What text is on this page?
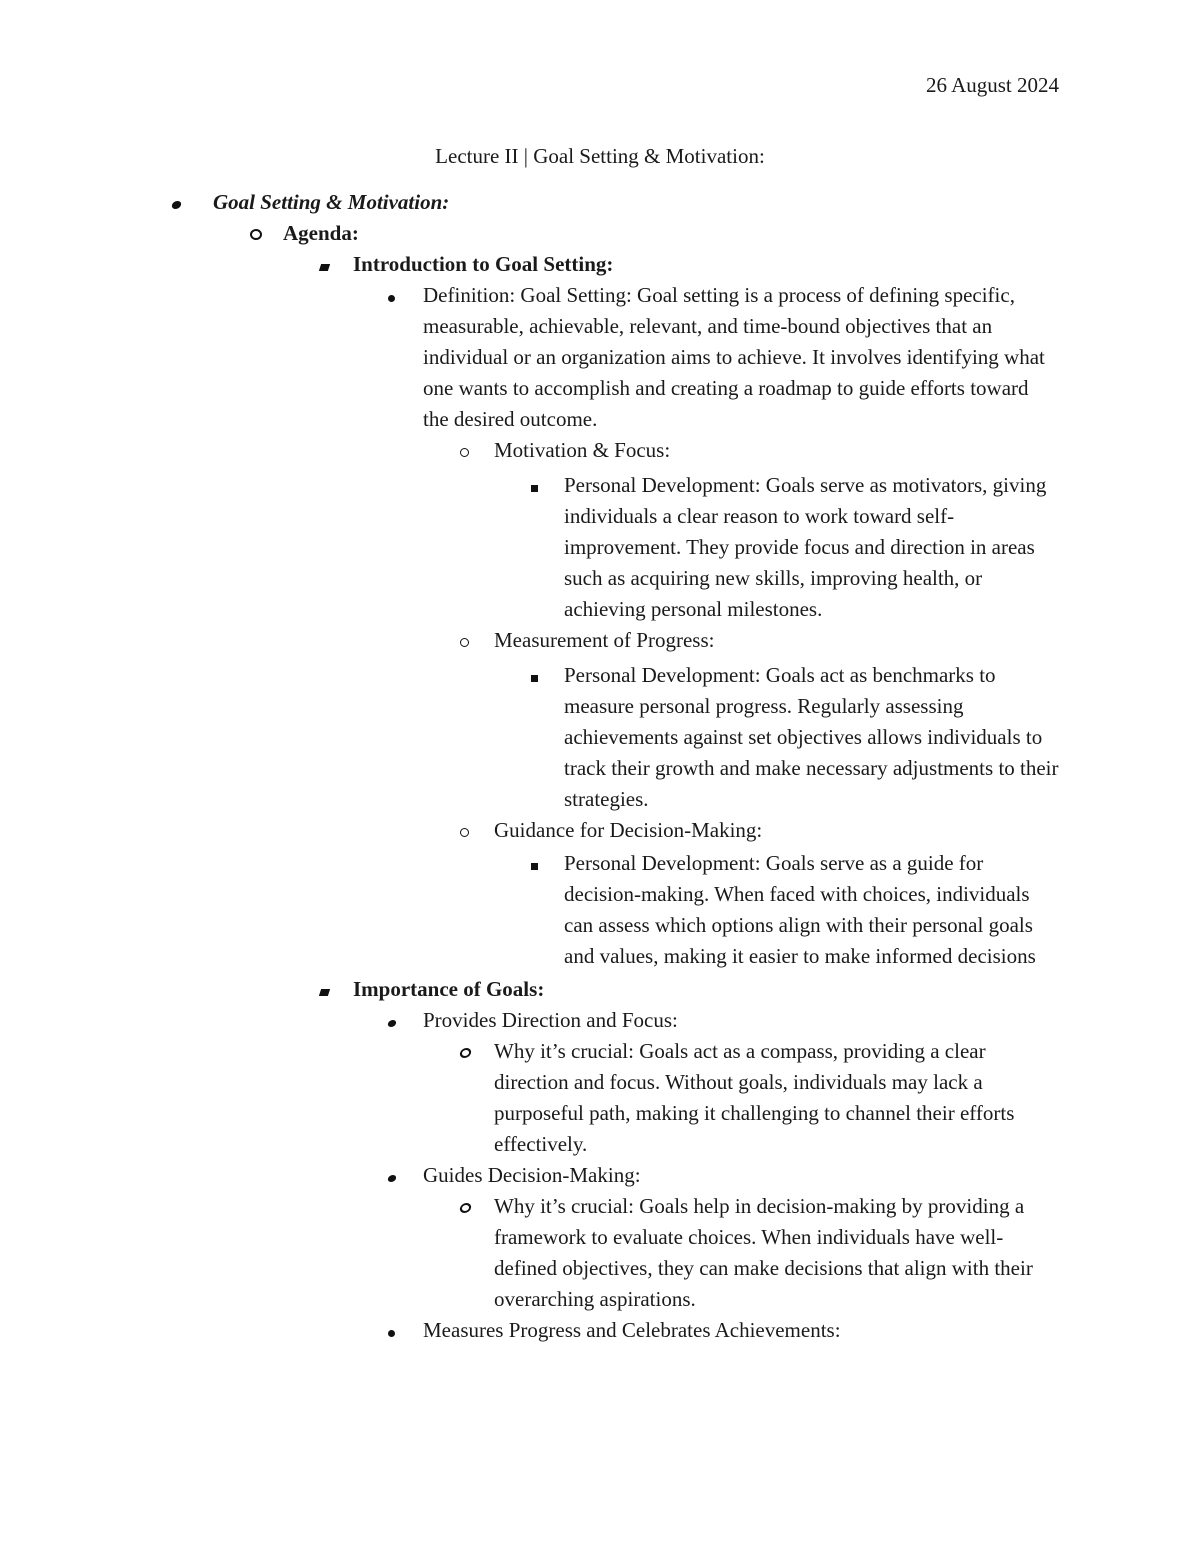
26 August 2024
Lecture II | Goal Setting & Motivation:
Goal Setting & Motivation:
Agenda:
Introduction to Goal Setting:
Definition: Goal Setting: Goal setting is a process of defining specific, measurable, achievable, relevant, and time-bound objectives that an individual or an organization aims to achieve. It involves identifying what one wants to accomplish and creating a roadmap to guide efforts toward the desired outcome.
Motivation & Focus:
Personal Development: Goals serve as motivators, giving individuals a clear reason to work toward self-improvement. They provide focus and direction in areas such as acquiring new skills, improving health, or achieving personal milestones.
Measurement of Progress:
Personal Development: Goals act as benchmarks to measure personal progress. Regularly assessing achievements against set objectives allows individuals to track their growth and make necessary adjustments to their strategies.
Guidance for Decision-Making:
Personal Development: Goals serve as a guide for decision-making. When faced with choices, individuals can assess which options align with their personal goals and values, making it easier to make informed decisions
Importance of Goals:
Provides Direction and Focus:
Why it’s crucial: Goals act as a compass, providing a clear direction and focus. Without goals, individuals may lack a purposeful path, making it challenging to channel their efforts effectively.
Guides Decision-Making:
Why it’s crucial: Goals help in decision-making by providing a framework to evaluate choices. When individuals have well-defined objectives, they can make decisions that align with their overarching aspirations.
Measures Progress and Celebrates Achievements:
